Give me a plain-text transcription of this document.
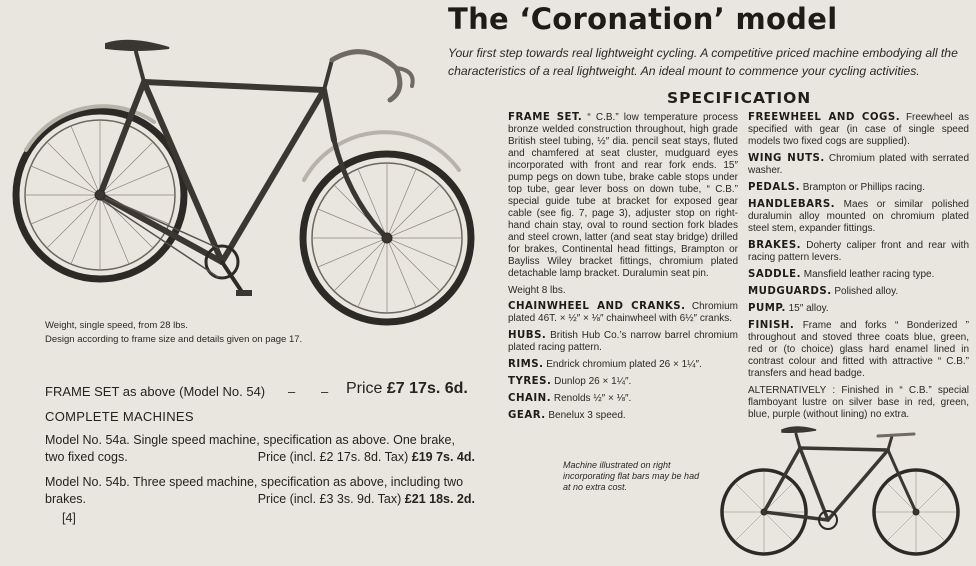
C.B. CYCLES
The ‘Coronation’ model
Your first step towards real lightweight cycling. A competitive priced machine embodying all the characteristics of a real lightweight. An ideal mount to commence your cycling activities.
SPECIFICATION
FRAME SET. “ C.B.” low temperature process bronze welded construction throughout, high grade British steel tubing, ½″ dia. pencil seat stays, fluted and chamfered at seat cluster, mudguard eyes incorporated with front and rear fork ends. 15″ pump pegs on down tube, brake cable stops under top tube, gear lever boss on down tube, “ C.B.” special guide tube at bracket for exposed gear cable (see fig. 7, page 3), adjuster stop on right-hand chain stay, oval to round section fork blades and steel crown, latter (and seat stay bridge) drilled for brakes, Continental head fittings, Brampton or Bayliss Wiley bracket fittings, chromium plated detachable lamp bracket. Duralumin seat pin.
Weight 8 lbs.
CHAINWHEEL AND CRANKS. Chromium plated 46T. × ½″ × ⅛″ chainwheel with 6½″ cranks.
HUBS. British Hub Co.’s narrow barrel chromium plated racing pattern.
RIMS. Endrick chromium plated 26 × 1¼″.
TYRES. Dunlop 26 × 1¼″.
CHAIN. Renolds ½″ × ⅛″.
GEAR. Benelux 3 speed.
FREEWHEEL AND COGS. Freewheel as specified with gear (in case of single speed models two fixed cogs are supplied).
WING NUTS. Chromium plated with serrated washer.
PEDALS. Brampton or Phillips racing.
HANDLEBARS. Maes or similar polished duralumin alloy mounted on chromium plated steel stem, expander fittings.
BRAKES. Doherty caliper front and rear with racing pattern levers.
SADDLE. Mansfield leather racing type.
MUDGUARDS. Polished alloy.
PUMP. 15″ alloy.
FINISH. Frame and forks “ Bonderized ” throughout and stoved three coats blue, green, red or (to choice) glass hard enamel lined in contrast colour and fitted with attractive “ C.B.” transfers and head badge.
ALTERNATIVELY : Finished in “ C.B.” special flamboyant lustre on silver base in red, green, blue, purple (without lining) no extra.
Weight, single speed, from 28 lbs.
Design according to frame size and details given on page 17.
FRAME SET as above (Model No. 54) – – Price £7 17s. 6d.
COMPLETE MACHINES
Model No. 54a. Single speed machine, specification as above. One brake, two fixed cogs.	Price (incl. £2 17s. 8d. Tax) £19 7s. 4d.
Model No. 54b. Three speed machine, specification as above, including two brakes.	Price (incl. £3 3s. 9d. Tax) £21 18s. 2d.
Machine illustrated on right incorporating flat bars may be had at no extra cost.
[4]
